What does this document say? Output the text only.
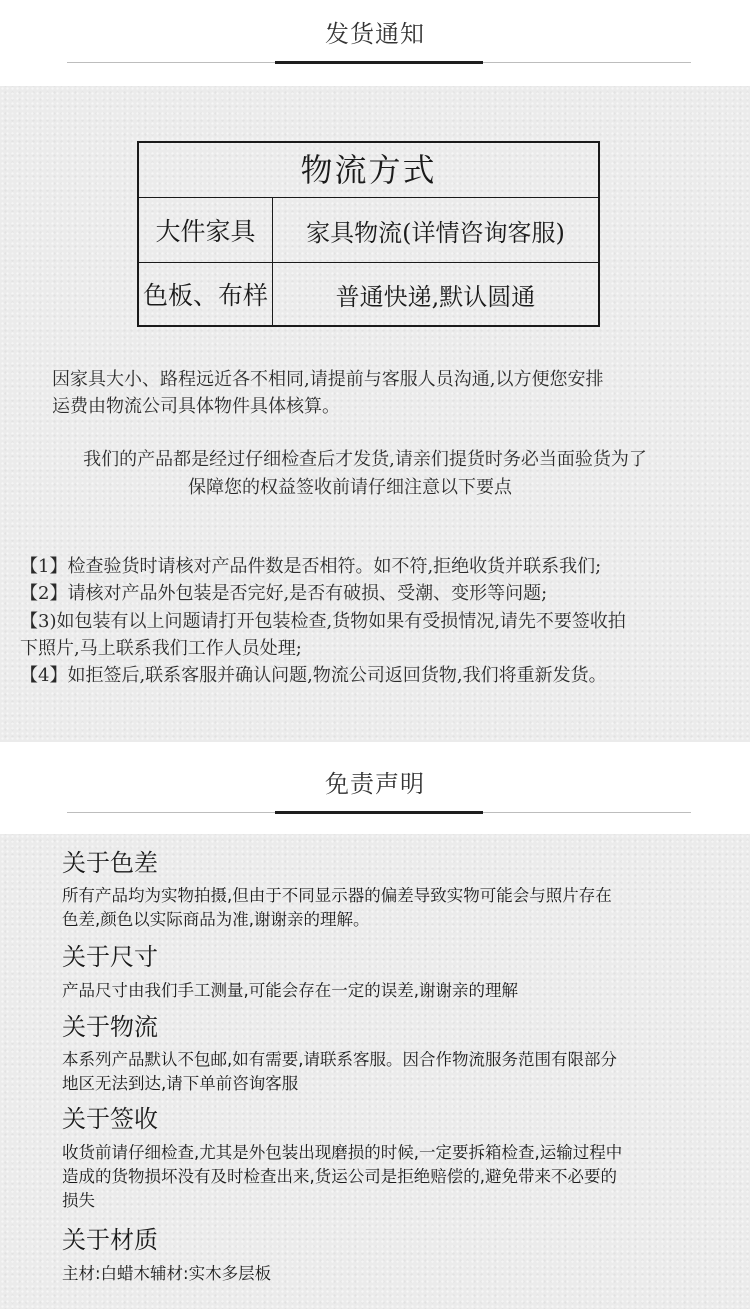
发货通知
物流方式
大件家具	家具物流(详情咨询客服)
色板、布样	普通快递,默认圆通
因家具大小、路程远近各不相同,请提前与客服人员沟通,以方便您安排
运费由物流公司具体物件具体核算。
我们的产品都是经过仔细检查后才发货,请亲们提货时务必当面验货为了
保障您的权益签收前请仔细注意以下要点
【1】检查验货时请核对产品件数是否相符。如不符,拒绝收货并联系我们;
【2】请核对产品外包装是否完好,是否有破损、受潮、变形等问题;
【3)如包装有以上问题请打开包装检查,货物如果有受损情况,请先不要签收拍
下照片,马上联系我们工作人员处理;
【4】如拒签后,联系客服并确认问题,物流公司返回货物,我们将重新发货。
免责声明
关于色差
所有产品均为实物拍摄,但由于不同显示器的偏差导致实物可能会与照片存在
色差,颜色以实际商品为准,谢谢亲的理解。
关于尺寸
产品尺寸由我们手工测量,可能会存在一定的误差,谢谢亲的理解
关于物流
本系列产品默认不包邮,如有需要,请联系客服。因合作物流服务范围有限部分
地区无法到达,请下单前咨询客服
关于签收
收货前请仔细检查,尤其是外包装出现磨损的时候,一定要拆箱检查,运输过程中
造成的货物损坏没有及时检查出来,货运公司是拒绝赔偿的,避免带来不必要的
损失
关于材质
主材:白蜡木辅材:实木多层板
